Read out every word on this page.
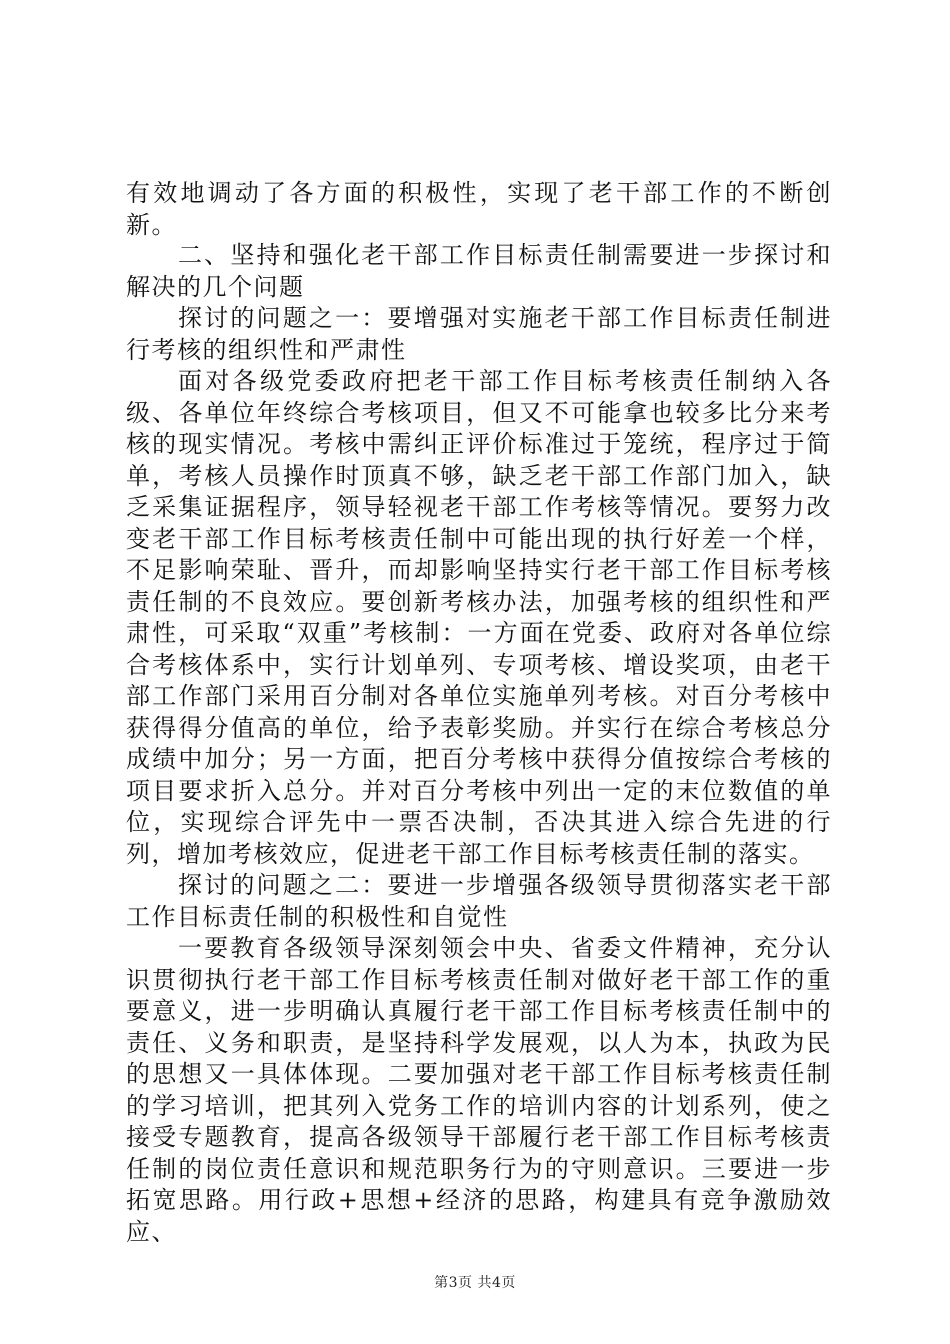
有效地调动了各方面的积极性，实现了老干部工作的不断创新。

二、坚持和强化老干部工作目标责任制需要进一步探讨和解决的几个问题

探讨的问题之一：要增强对实施老干部工作目标责任制进行考核的组织性和严肃性

面对各级党委政府把老干部工作目标考核责任制纳入各级、各单位年终综合考核项目，但又不可能拿也较多比分来考核的现实情况。考核中需纠正评价标准过于笼统，程序过于简单，考核人员操作时顶真不够，缺乏老干部工作部门加入，缺乏采集证据程序，领导轻视老干部工作考核等情况。要努力改变老干部工作目标考核责任制中可能出现的执行好差一个样，不足影响荣耻、晋升，而却影响坚持实行老干部工作目标考核责任制的不良效应。要创新考核办法，加强考核的组织性和严肃性，可采取“双重”考核制：一方面在党委、政府对各单位综合考核体系中，实行计划单列、专项考核、增设奖项，由老干部工作部门采用百分制对各单位实施单列考核。对百分考核中获得得分值高的单位，给予表彰奖励。并实行在综合考核总分成绩中加分；另一方面，把百分考核中获得分值按综合考核的项目要求折入总分。并对百分考核中列出一定的末位数值的单位，实现综合评先中一票否决制，否决其进入综合先进的行列，增加考核效应，促进老干部工作目标考核责任制的落实。

探讨的问题之二：要进一步增强各级领导贯彻落实老干部工作目标责任制的积极性和自觉性

一要教育各级领导深刻领会中央、省委文件精神，充分认识贯彻执行老干部工作目标考核责任制对做好老干部工作的重要意义，进一步明确认真履行老干部工作目标考核责任制中的责任、义务和职责，是坚持科学发展观，以人为本，执政为民的思想又一具体体现。二要加强对老干部工作目标考核责任制的学习培训，把其列入党务工作的培训内容的计划系列，使之接受专题教育，提高各级领导干部履行老干部工作目标考核责任制的岗位责任意识和规范职务行为的守则意识。三要进一步拓宽思路。用行政+思想+经济的思路，构建具有竞争激励效应、

第3页 共4页
